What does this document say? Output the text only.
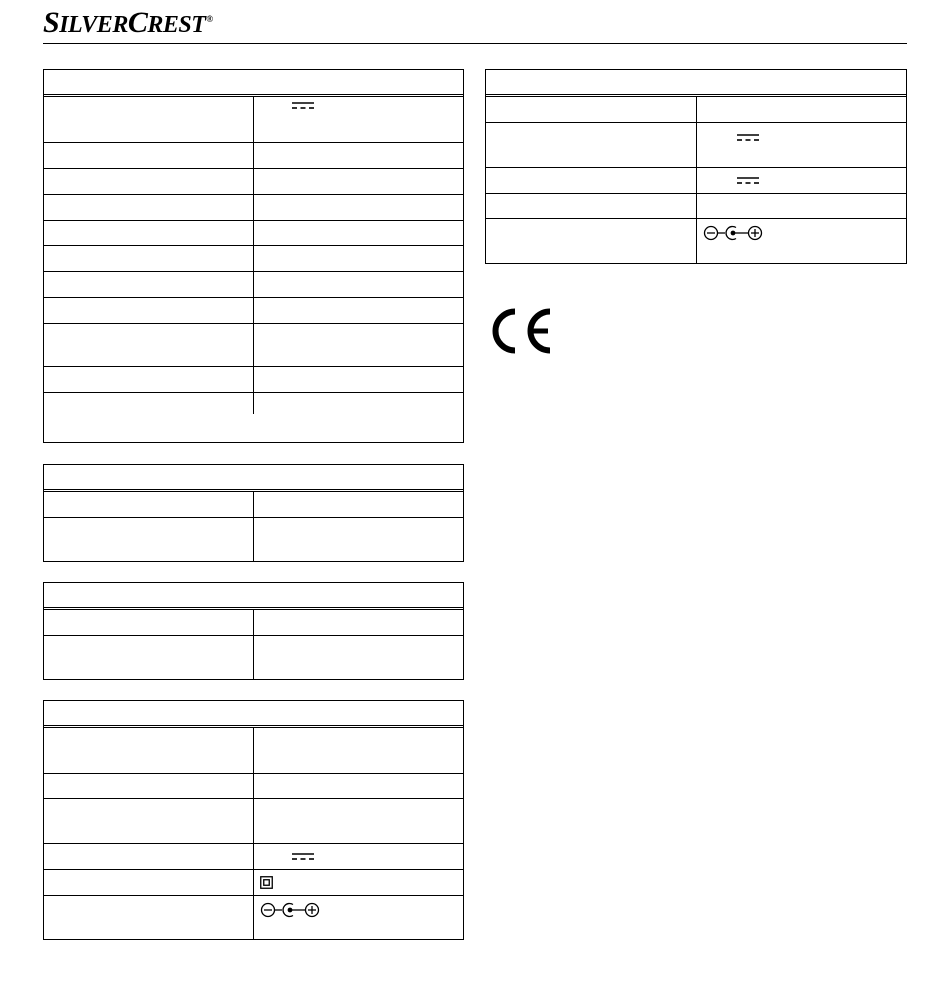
SILVERCREST®
